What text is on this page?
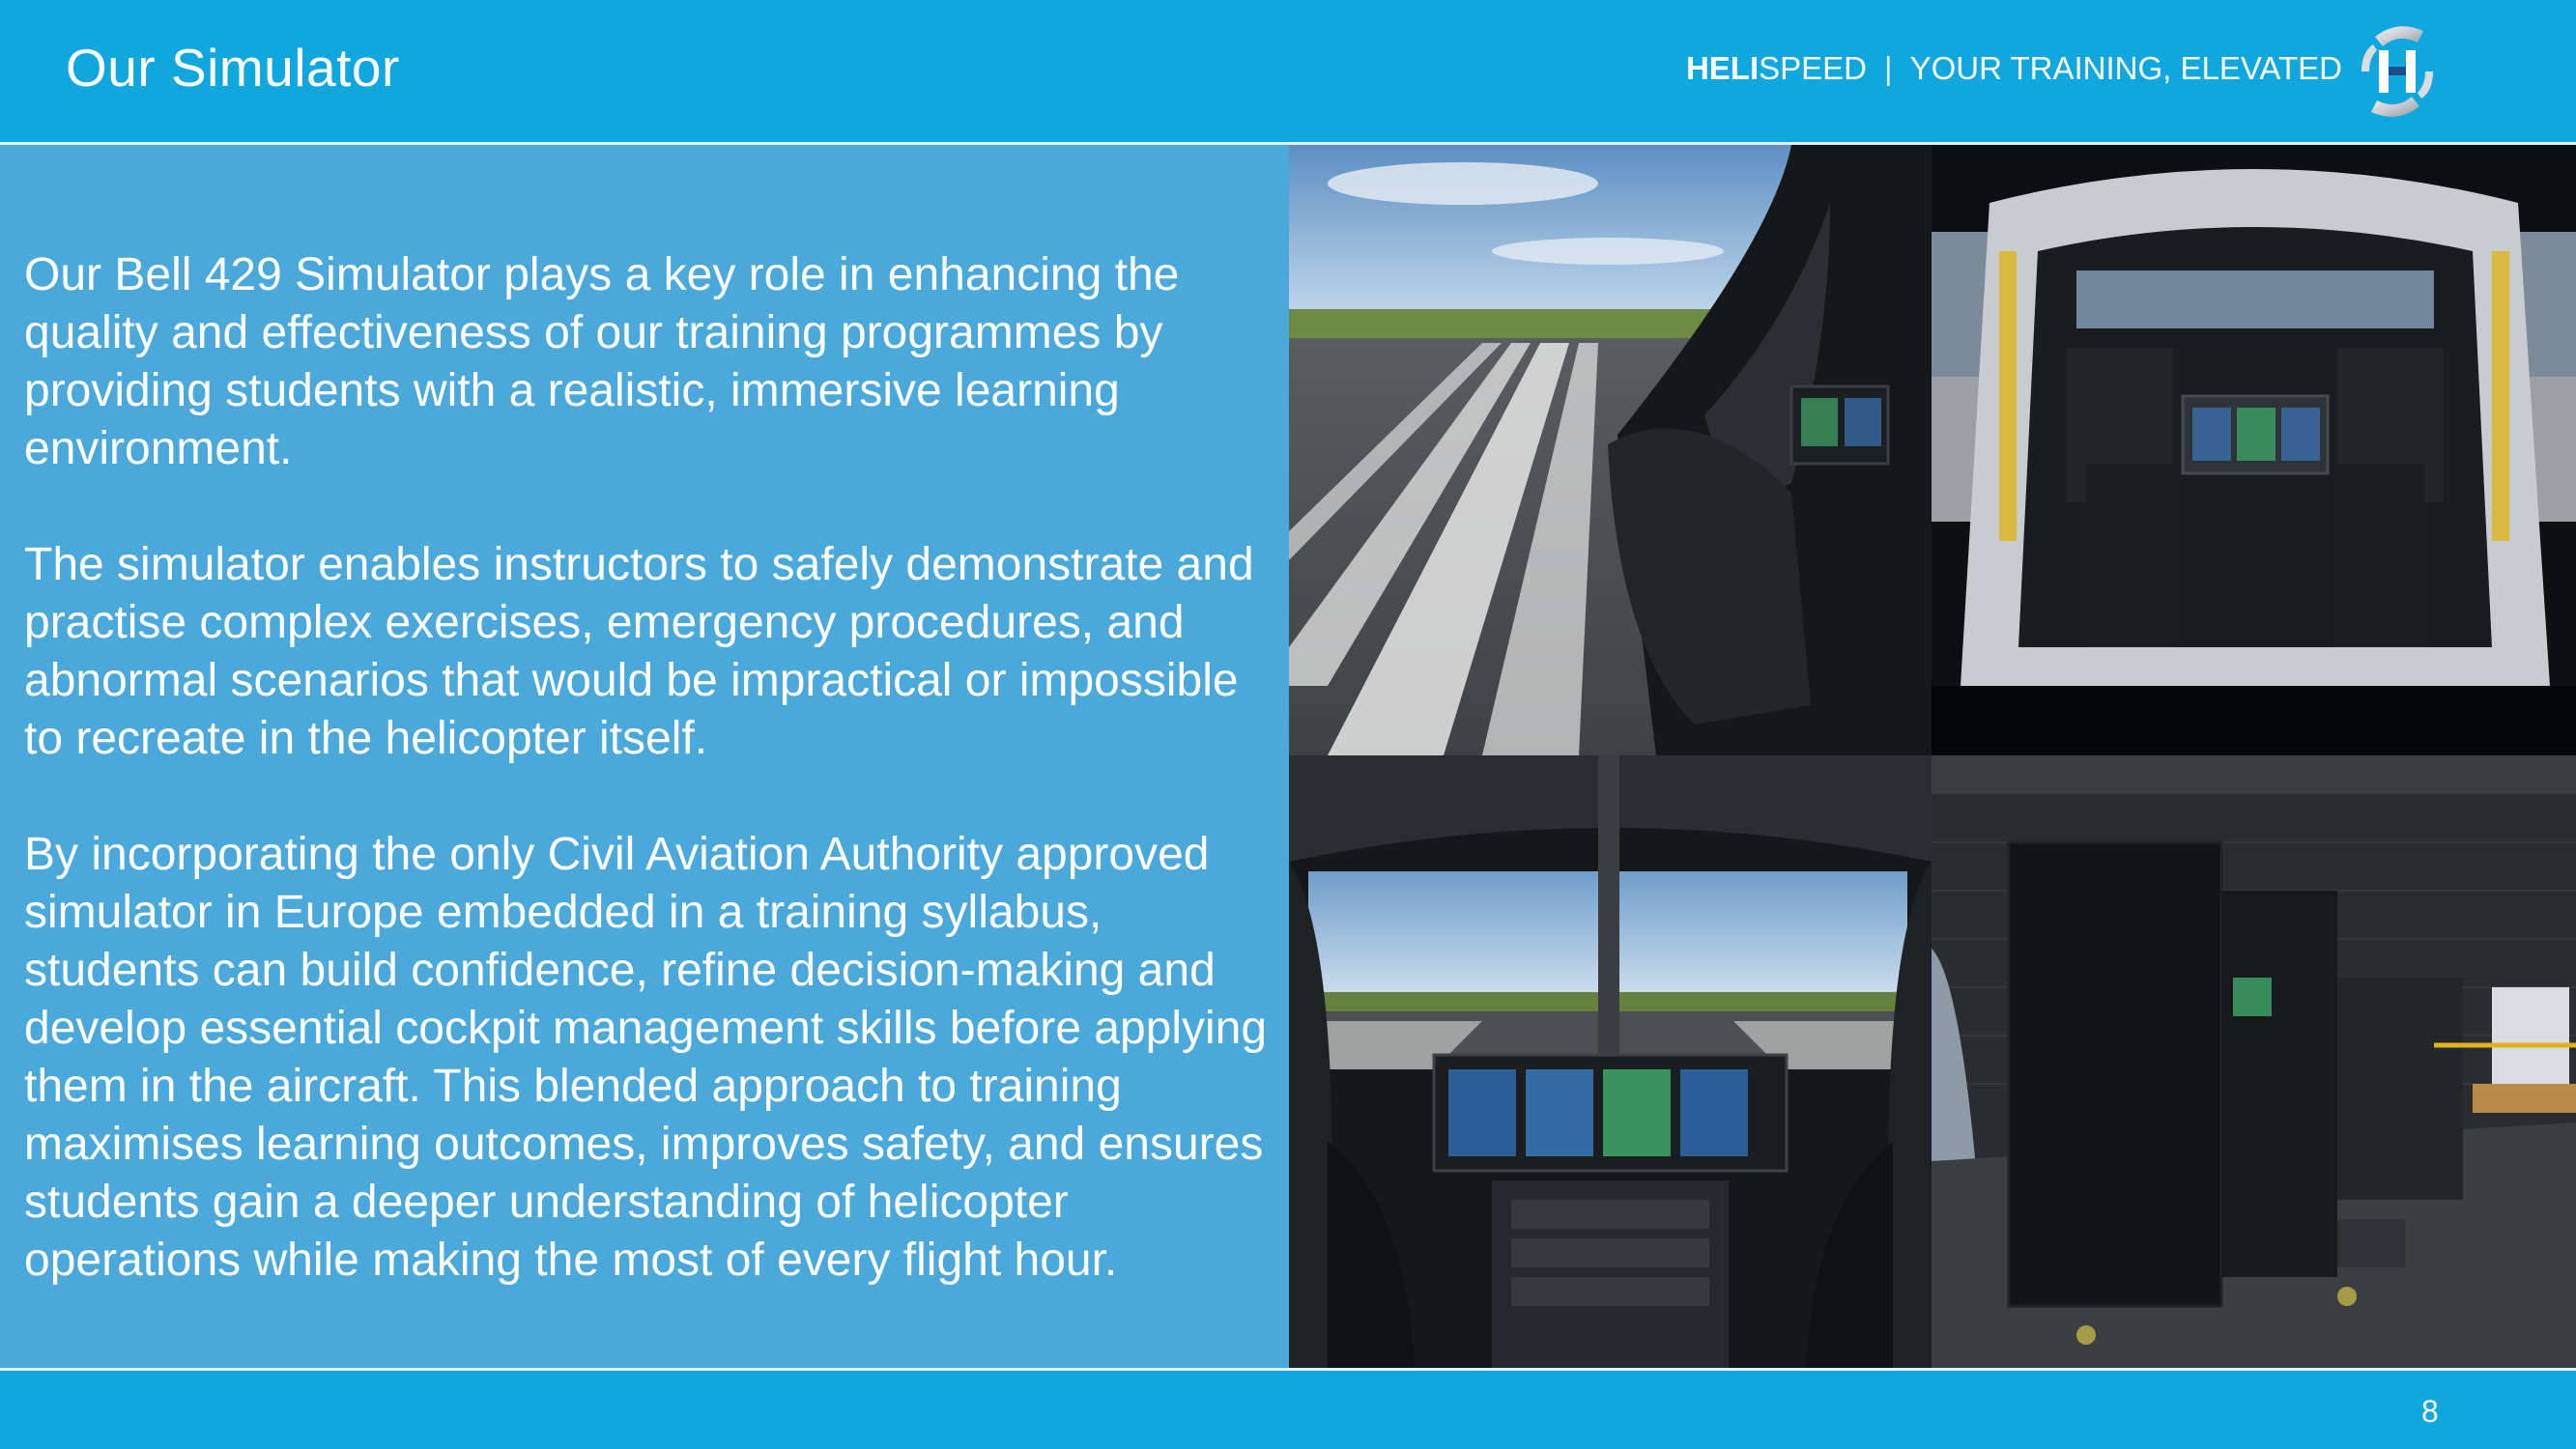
Our Simulator	HELISPEED | YOUR TRAINING, ELEVATED

Our Bell 429 Simulator plays a key role in enhancing the quality and effectiveness of our training programmes by providing students with a realistic, immersive learning environment.

The simulator enables instructors to safely demonstrate and practise complex exercises, emergency procedures, and abnormal scenarios that would be impractical or impossible to recreate in the helicopter itself.

By incorporating the only Civil Aviation Authority approved simulator in Europe embedded in a training syllabus, students can build confidence, refine decision-making and develop essential cockpit management skills before applying them in the aircraft. This blended approach to training maximises learning outcomes, improves safety, and ensures students gain a deeper understanding of helicopter operations while making the most of every flight hour.

8
